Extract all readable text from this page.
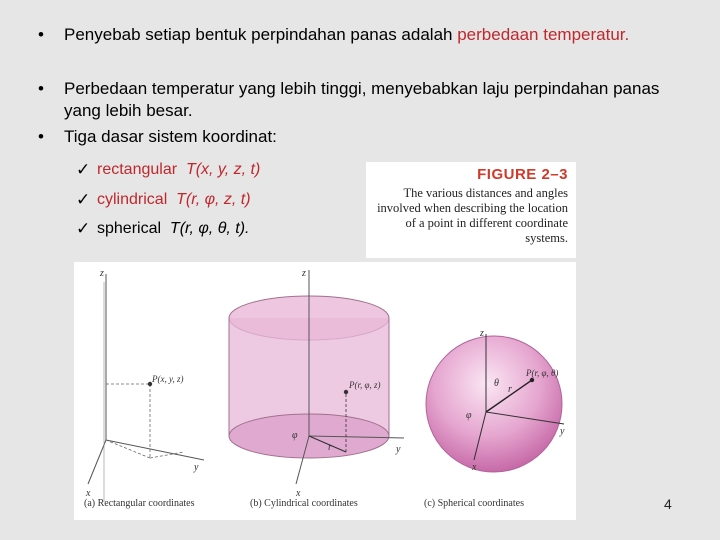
• Penyebab setiap bentuk perpindahan panas adalah perbedaan temperatur.
• Perbedaan temperatur yang lebih tinggi, menyebabkan laju perpindahan panas yang lebih besar.
• Tiga dasar sistem koordinat:
✓ rectangular T(x, y, z, t)
✓ cylindrical T(r, φ, z, t)
✓ spherical T(r, φ, θ, t).
FIGURE 2–3
The various distances and angles involved when describing the location of a point in different coordinate systems.
z
y
x
P(x, y, z)
z
y
x
r
φ
P(r, φ, z)
z
y
x
r
θ
φ
P(r, φ, θ)
(a) Rectangular coordinates	(b) Cylindrical coordinates	(c) Spherical coordinates	4
